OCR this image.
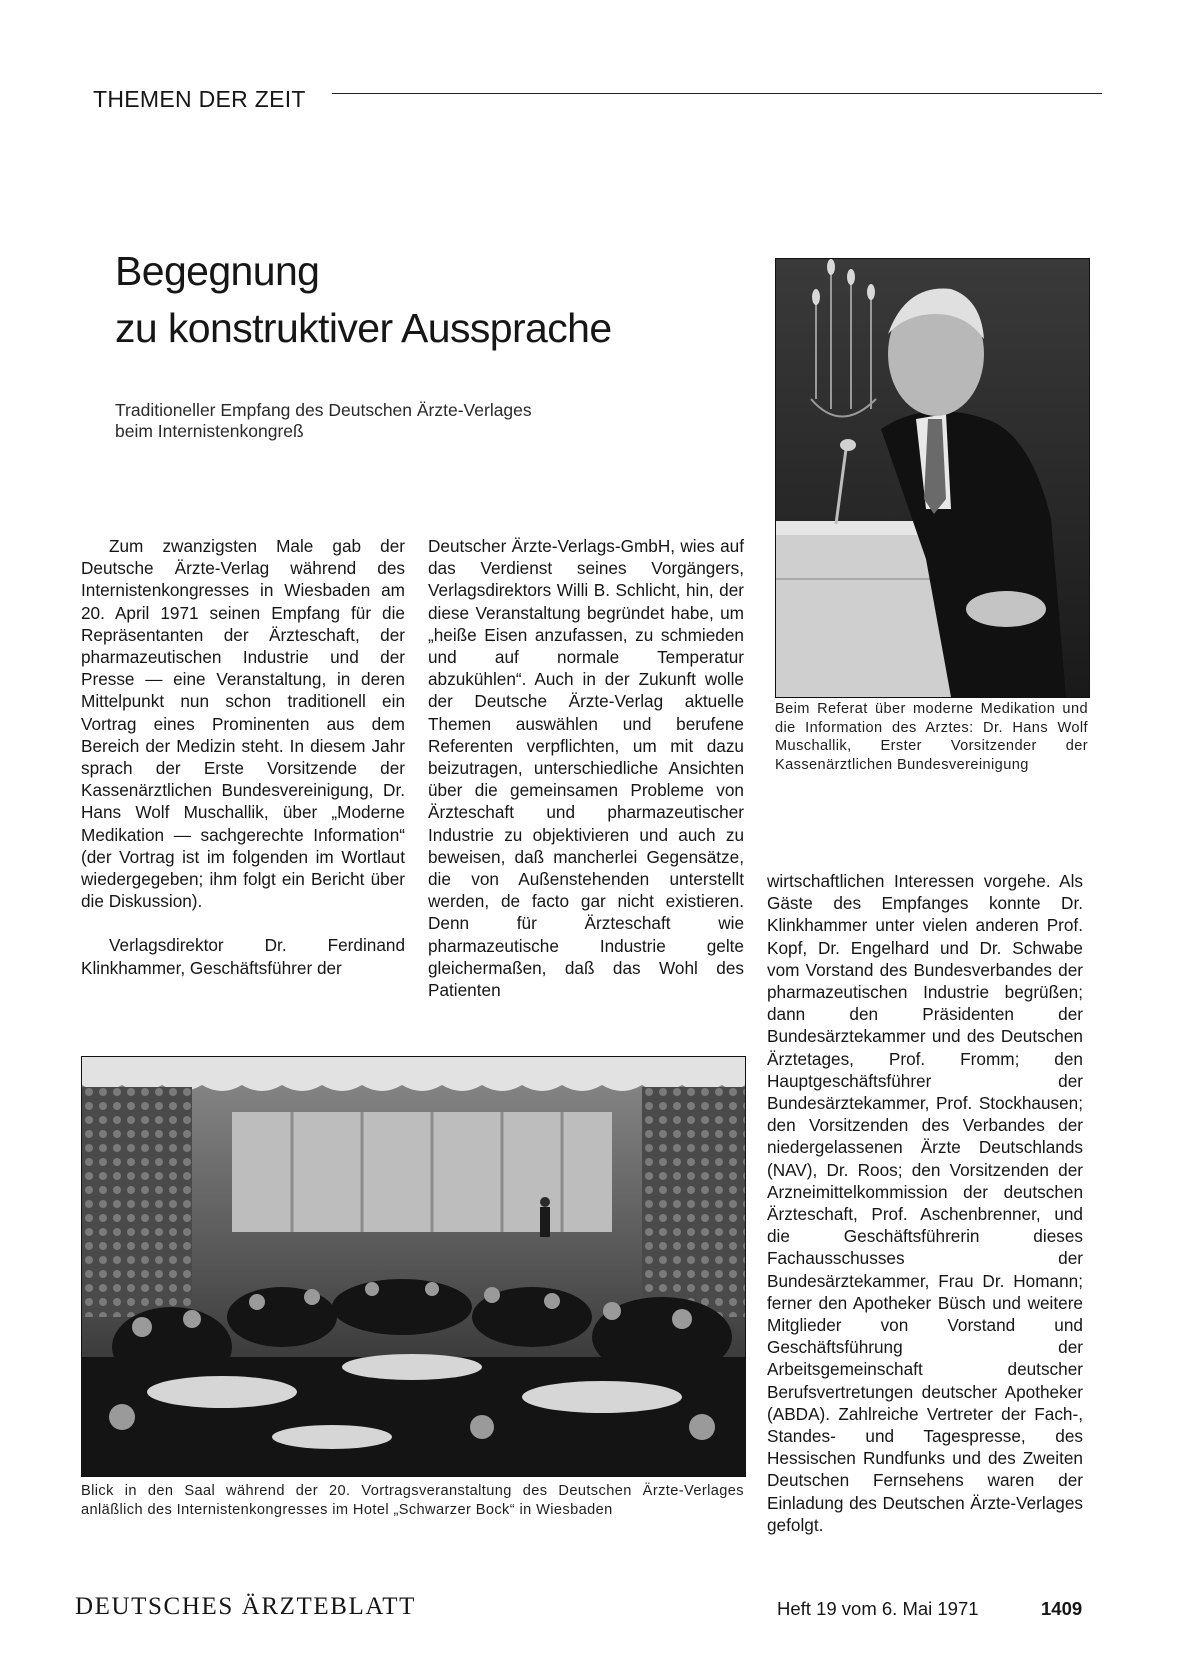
THEMEN DER ZEIT
Begegnung
zu konstruktiver Aussprache
Traditioneller Empfang des Deutschen Ärzte-Verlages
beim Internistenkongreß
Beim Referat über moderne Medikation und die Information des Arztes: Dr. Hans Wolf Muschallik, Erster Vorsitzender der Kassenärztlichen Bundesvereinigung

Zum zwanzigsten Male gab der Deutsche Ärzte-Verlag während des Internistenkongresses in Wiesbaden am 20. April 1971 seinen Empfang für die Repräsentanten der Ärzteschaft, der pharmazeutischen Industrie und der Presse — eine Veranstaltung, in deren Mittelpunkt nun schon traditionell ein Vortrag eines Prominenten aus dem Bereich der Medizin steht. In diesem Jahr sprach der Erste Vorsitzende der Kassenärztlichen Bundesvereinigung, Dr. Hans Wolf Muschallik, über „Moderne Medikation — sachgerechte Information“ (der Vortrag ist im folgenden im Wortlaut wiedergegeben; ihm folgt ein Bericht über die Diskussion).

Verlagsdirektor Dr. Ferdinand Klinkhammer, Geschäftsführer der

Deutscher Ärzte-Verlags-GmbH, wies auf das Verdienst seines Vorgängers, Verlagsdirektors Willi B. Schlicht, hin, der diese Veranstaltung begründet habe, um „heiße Eisen anzufassen, zu schmieden und auf normale Temperatur abzukühlen“. Auch in der Zukunft wolle der Deutsche Ärzte-Verlag aktuelle Themen auswählen und berufene Referenten verpflichten, um mit dazu beizutragen, unterschiedliche Ansichten über die gemeinsamen Probleme von Ärzteschaft und pharmazeutischer Industrie zu objektivieren und auch zu beweisen, daß mancherlei Gegensätze, die von Außenstehenden unterstellt werden, de facto gar nicht existieren. Denn für Ärzteschaft wie pharmazeutische Industrie gelte gleichermaßen, daß das Wohl des Patienten

wirtschaftlichen Interessen vorgehe. Als Gäste des Empfanges konnte Dr. Klinkhammer unter vielen anderen Prof. Kopf, Dr. Engelhard und Dr. Schwabe vom Vorstand des Bundesverbandes der pharmazeutischen Industrie begrüßen; dann den Präsidenten der Bundesärztekammer und des Deutschen Ärztetages, Prof. Fromm; den Hauptgeschäftsführer der Bundesärztekammer, Prof. Stockhausen; den Vorsitzenden des Verbandes der niedergelassenen Ärzte Deutschlands (NAV), Dr. Roos; den Vorsitzenden der Arzneimittelkommission der deutschen Ärzteschaft, Prof. Aschenbrenner, und die Geschäftsführerin dieses Fachausschusses der Bundesärztekammer, Frau Dr. Homann; ferner den Apotheker Büsch und weitere Mitglieder von Vorstand und Geschäftsführung der Arbeitsgemeinschaft deutscher Berufsvertretungen deutscher Apotheker (ABDA). Zahlreiche Vertreter der Fach-, Standes- und Tagespresse, des Hessischen Rundfunks und des Zweiten Deutschen Fernsehens waren der Einladung des Deutschen Ärzte-Verlages gefolgt.

Blick in den Saal während der 20. Vortragsveranstaltung des Deutschen Ärzte-Verlages anläßlich des Internistenkongresses im Hotel „Schwarzer Bock“ in Wiesbaden
DEUTSCHES ÄRZTEBLATT	Heft 19 vom 6. Mai 1971	1409
